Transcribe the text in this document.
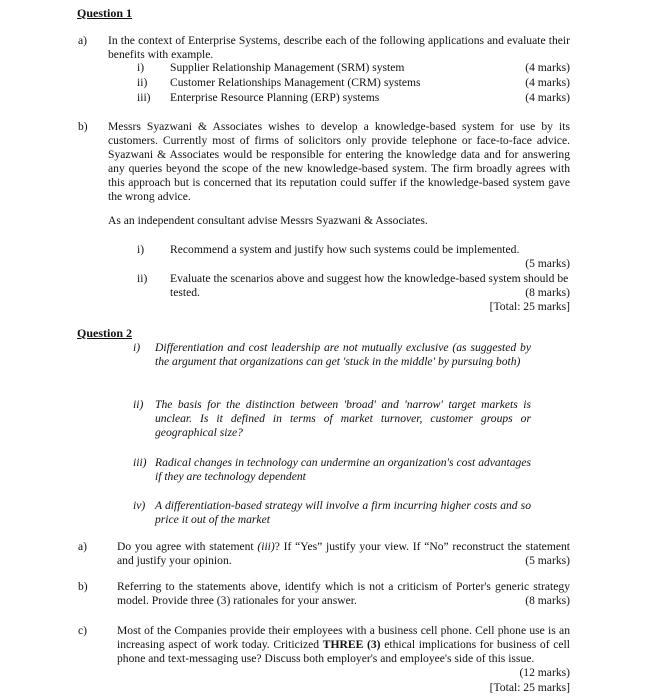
Question 1
a)	In the context of Enterprise Systems, describe each of the following applications and evaluate their benefits with example.
i)	Supplier Relationship Management (SRM) system	(4 marks)
ii)	Customer Relationships Management (CRM) systems	(4 marks)
iii)	Enterprise Resource Planning (ERP) systems	(4 marks)
b)	Messrs Syazwani & Associates wishes to develop a knowledge-based system for use by its customers. Currently most of firms of solicitors only provide telephone or face-to-face advice. Syazwani & Associates would be responsible for entering the knowledge data and for answering any queries beyond the scope of the new knowledge-based system. The firm broadly agrees with this approach but is concerned that its reputation could suffer if the knowledge-based system gave the wrong advice.
As an independent consultant advise Messrs Syazwani & Associates.
i)	Recommend a system and justify how such systems could be implemented.
(5 marks)
ii)	Evaluate the scenarios above and suggest how the knowledge-based system should be tested.	(8 marks)
[Total: 25 marks]
Question 2
i)	Differentiation and cost leadership are not mutually exclusive (as suggested by the argument that organizations can get 'stuck in the middle' by pursuing both)
ii)	The basis for the distinction between 'broad' and 'narrow' target markets is unclear. Is it defined in terms of market turnover, customer groups or geographical size?
iii) Radical changes in technology can undermine an organization's cost advantages if they are technology dependent
iv) A differentiation-based strategy will involve a firm incurring higher costs and so price it out of the market
a)	Do you agree with statement (iii)? If “Yes” justify your view. If “No” reconstruct the statement and justify your opinion.	(5 marks)
b)	Referring to the statements above, identify which is not a criticism of Porter's generic strategy model. Provide three (3) rationales for your answer.	(8 marks)
c)	Most of the Companies provide their employees with a business cell phone. Cell phone use is an increasing aspect of work today. Criticized THREE (3) ethical implications for business of cell phone and text-messaging use? Discuss both employer's and employee's side of this issue.
(12 marks)
[Total: 25 marks]
